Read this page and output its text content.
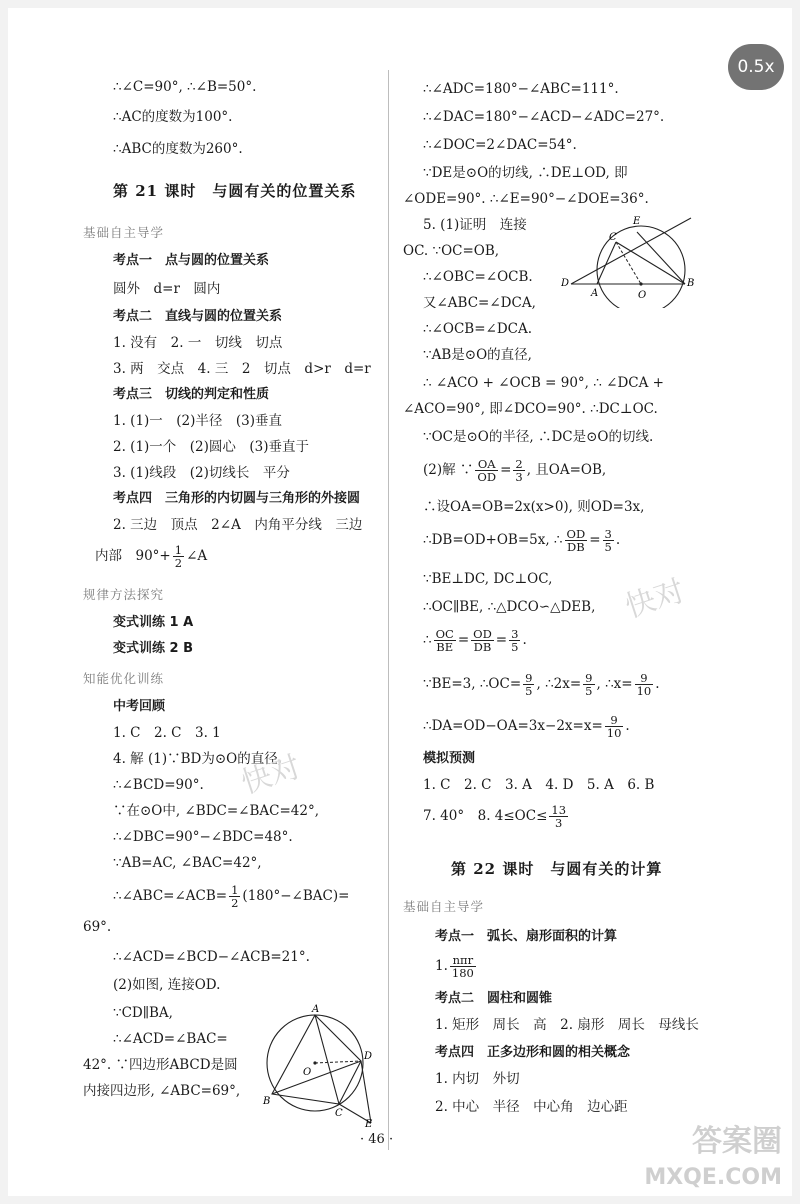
∴∠C=90°, ∴∠B=50°.
∴AC的度数为100°.
∴ABC的度数为260°.
第 21 课时　与圆有关的位置关系
基础自主导学
考点一　点与圆的位置关系
圆外　d=r　圆内
考点二　直线与圆的位置关系
1. 没有　2. 一　切线　切点
3. 两　交点　4. 三　2　切点　d>r　d=r
考点三　切线的判定和性质
1. (1)一　(2)半径　(3)垂直
2. (1)一个　(2)圆心　(3)垂直于
3. (1)线段　(2)切线长　平分
考点四　三角形的内切圆与三角形的外接圆
2. 三边　顶点　2∠A　内角平分线　三边
内部　$90^\circ+ \frac{1}{2}$ ∠A
规律方法探究
变式训练 1 A
变式训练 2 B
知能优化训练
中考回顾
1. C　2. C　3. 1
4. 解 (1)∵BD为⊙O的直径,
∴∠BCD=90°.
∵在⊙O中, ∠BDC=∠BAC=42°,
∴∠DBC=90°−∠BDC=48°.
∵AB=AC, ∠BAC=42°,
∴∠ABC=∠ACB= $\frac{1}{2}$ (180°−∠BAC)=
69°.
∴∠ACD=∠BCD−∠ACB=21°.
(2)如图, 连接OD.
∵CD∥BA,
∴∠ACD=∠BAC=
42°. ∵四边形ABCD是圆
内接四边形, ∠ABC=69°,
A
B
C
D
E
O
∴∠ADC=180°−∠ABC=111°.
∴∠DAC=180°−∠ACD−∠ADC=27°.
∴∠DOC=2∠DAC=54°.
∵DE是⊙O的切线, ∴DE⊥OD, 即
∠ODE=90°. ∴∠E=90°−∠DOE=36°.
5. (1)证明　连接
OC. ∵OC=OB,
∴∠OBC=∠OCB.
又∠ABC=∠DCA,
∴∠OCB=∠DCA.
∵AB是⊙O的直径,
∴ ∠ACO + ∠OCB = 90°, ∴ ∠DCA +
∠ACO=90°, 即∠DCO=90°. ∴DC⊥OC.
∵OC是⊙O的半径, ∴DC是⊙O的切线.
(2)解 ∵ $\frac{OA}{OD} = \frac{2}{3}$ , 且OA=OB,
∴设OA=OB=2x(x>0), 则OD=3x,
∴DB=OD+OB=5x, ∴ $\frac{OD}{DB} = \frac{3}{5}$ .
∵BE⊥DC, DC⊥OC,
∴OC∥BE, ∴△DCO∽△DEB,
∴ $\frac{OC}{BE} = \frac{OD}{DB} = \frac{3}{5}$ .
∵BE=3, ∴OC= $\frac{9}{5}$ , ∴2x= $\frac{9}{5}$ , ∴x= $\frac{9}{10}$ .
∴DA=OD−OA=3x−2x=x= $\frac{9}{10}$ .
模拟预测
1. C　2. C　3. A　4. D　5. A　6. B
7. 40°　8. $4\le OC\le \frac{13}{3}$
第 22 课时　与圆有关的计算
基础自主导学
考点一　弧长、扇形面积的计算
1. $\frac{\text{nπr}}{180}$
考点二　圆柱和圆锥
1. 矩形　周长　高　2. 扇形　周长　母线长
考点四　正多边形和圆的相关概念
1. 内切　外切
2. 中心　半径　中心角　边心距
D
A
C
E
B
O
快对
快对
· 46 ·
0.5x
答案圈
MXQE.COM
